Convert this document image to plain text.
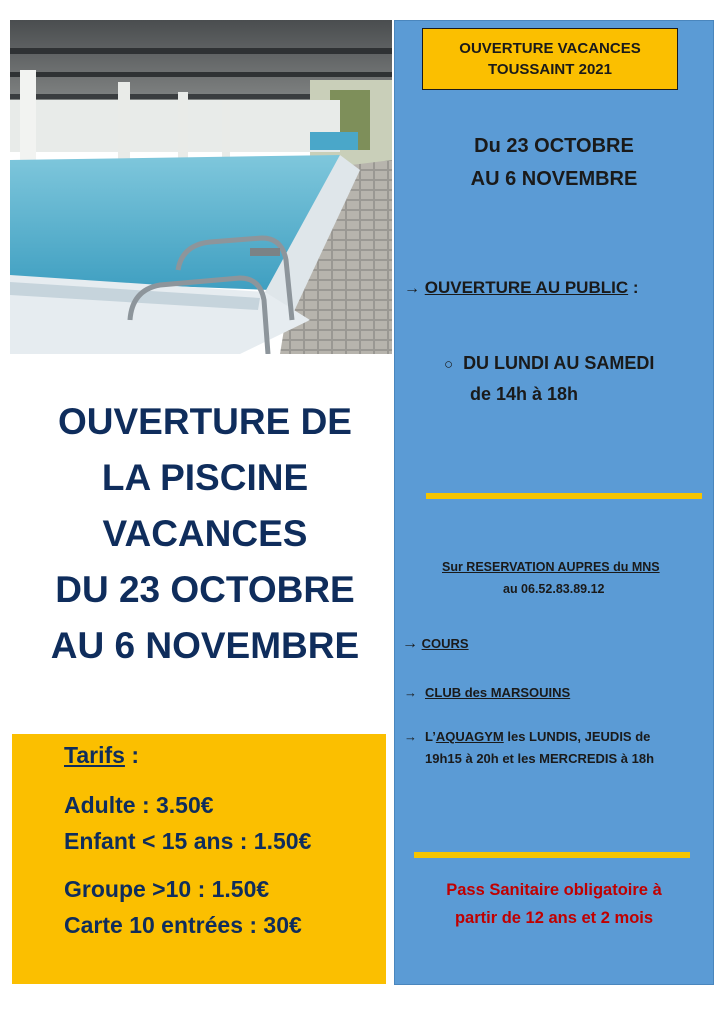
OUVERTURE DE
LA PISCINE
VACANCES
DU 23 OCTOBRE
AU 6 NOVEMBRE
Tarifs :
Adulte : 3.50€
Enfant < 15 ans : 1.50€
Groupe >10 : 1.50€
Carte 10 entrées : 30€
OUVERTURE VACANCES
TOUSSAINT 2021
Du 23 OCTOBRE
AU 6 NOVEMBRE
→ OUVERTURE AU PUBLIC :
○ DU LUNDI AU SAMEDI
de 14h à 18h
Sur RESERVATION AUPRES du MNS
au 06.52.83.89.12
→ COURS
→ CLUB des MARSOUINS
→ L’AQUAGYM les LUNDIS, JEUDIS de
19h15 à 20h et les MERCREDIS à 18h
Pass Sanitaire obligatoire à
partir de 12 ans et 2 mois
